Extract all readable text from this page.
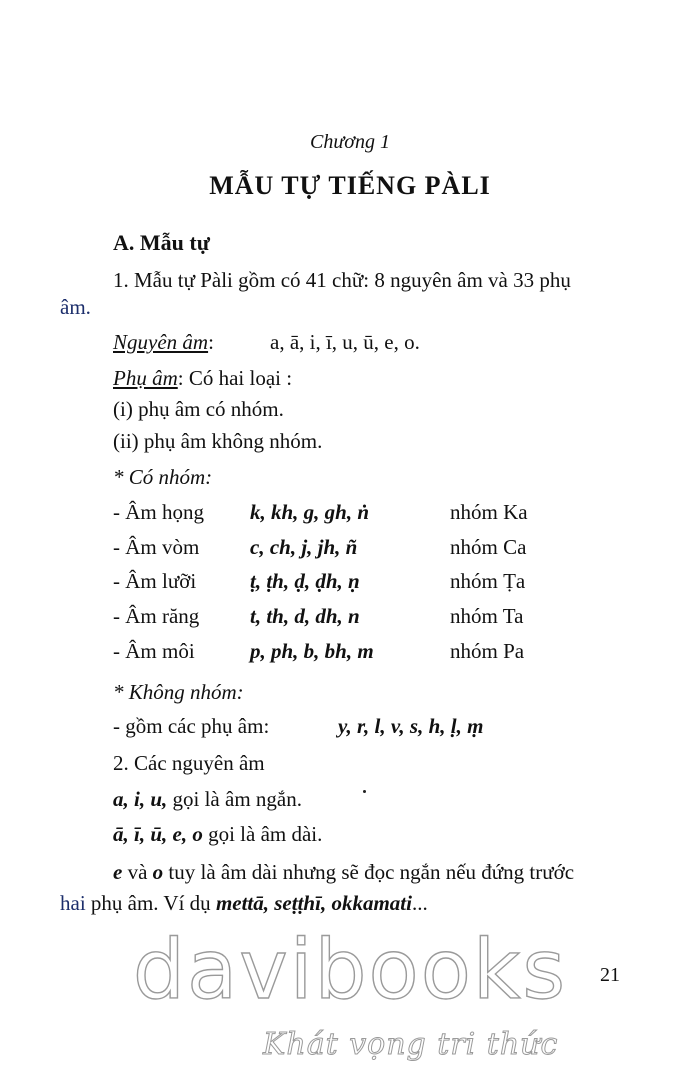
Chương 1
MẪU TỰ TIẾNG PÀLI
A. Mẫu tự
1. Mẫu tự Pàli gồm có 41 chữ: 8 nguyên âm và 33 phụ
âm.
Nguyên âm:	a, ā, i, ī, u, ū, e, o.
Phụ âm: Có hai loại :
(i) phụ âm có nhóm.
(ii) phụ âm không nhóm.
* Có nhóm:
- Âm họng k, kh, g, gh, ṅ	nhóm Ka
- Âm vòm c, ch, j, jh, ñ	nhóm Ca
- Âm lưỡi	ṭ, ṭh, ḍ, ḍh, ṇ	nhóm Ṭa
- Âm răng t, th, d, dh, n	nhóm Ta
- Âm môi	p, ph, b, bh, m	nhóm Pa
* Không nhóm:
- gồm các phụ âm:	y, r, l, v, s, h, ḷ, ṃ
2. Các nguyên âm
a, i, u, gọi là âm ngắn.
ā, ī, ū, e, o gọi là âm dài.
e và o tuy là âm dài nhưng sẽ đọc ngắn nếu đứng trước
hai phụ âm. Ví dụ mettā, seṭṭhī, okkamati...
davibooks
Khát vọng tri thức
21
